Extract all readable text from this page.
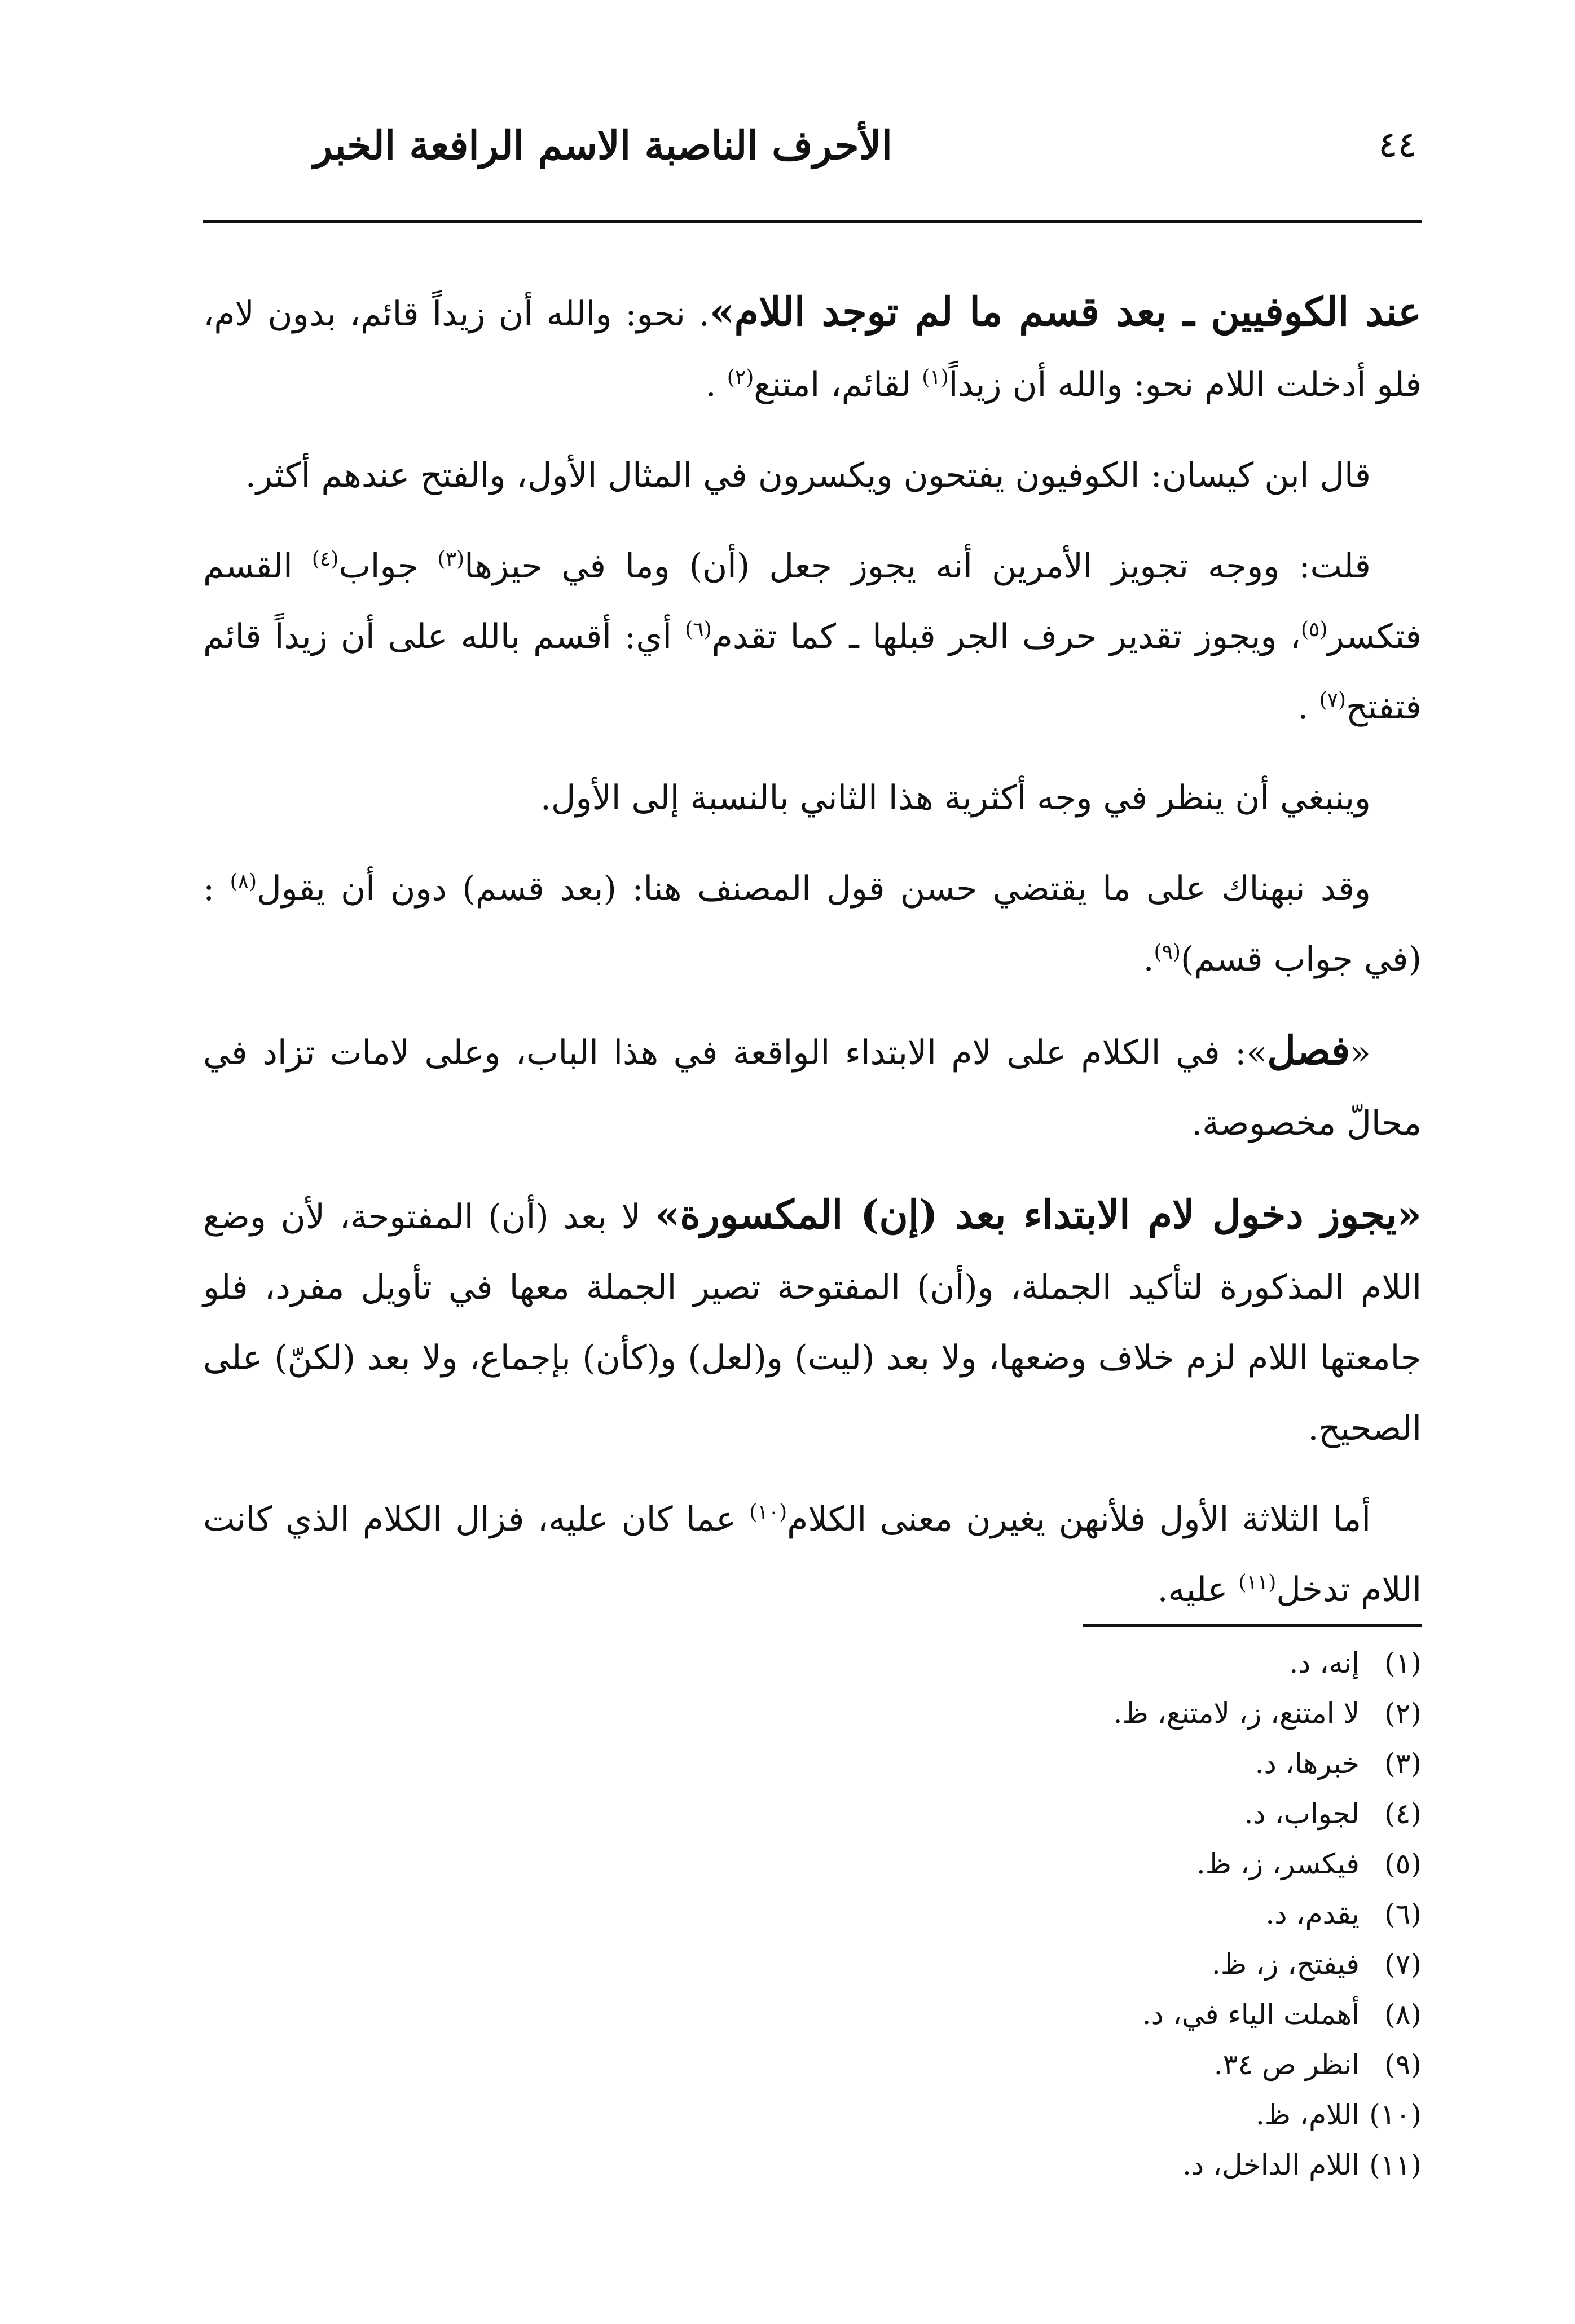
٤٤
الأحرف الناصبة الاسم الرافعة الخبر

عند الكوفيين ـ بعد قسم ما لم توجد اللام». نحو: والله أن زيداً قائم، بدون لام، فلو أدخلت اللام نحو: والله أن زيداً$^{(١)}$ لقائم، امتنع$^{(٢)}$ .

قال ابن كيسان: الكوفيون يفتحون ويكسرون في المثال الأول، والفتح عندهم أكثر.

قلت: ووجه تجويز الأمرين أنه يجوز جعل (أن) وما في حيزها$^{(٣)}$ جواب$^{(٤)}$ القسم فتكسر$^{(٥)}$، ويجوز تقدير حرف الجر قبلها ـ كما تقدم$^{(٦)}$ أي: أقسم بالله على أن زيداً قائم فتفتح$^{(٧)}$ .

وينبغي أن ينظر في وجه أكثرية هذا الثاني بالنسبة إلى الأول.

وقد نبهناك على ما يقتضي حسن قول المصنف هنا: (بعد قسم) دون أن يقول$^{(٨)}$ : (في جواب قسم)$^{(٩)}$.

«فصل»: في الكلام على لام الابتداء الواقعة في هذا الباب، وعلى لامات تزاد في محالّ مخصوصة.

«يجوز دخول لام الابتداء بعد (إن) المكسورة» لا بعد (أن) المفتوحة، لأن وضع اللام المذكورة لتأكيد الجملة، و(أن) المفتوحة تصير الجملة معها في تأويل مفرد، فلو جامعتها اللام لزم خلاف وضعها، ولا بعد (ليت) و(لعل) و(كأن) بإجماع، ولا بعد (لكنّ) على الصحيح.

أما الثلاثة الأول فلأنهن يغيرن معنى الكلام$^{(١٠)}$ عما كان عليه، فزال الكلام الذي كانت اللام تدخل$^{(١١)}$ عليه.

(١)إنه، د.
(٢)لا امتنع، ز، لامتنع، ظ.
(٣)خبرها، د.
(٤)لجواب، د.
(٥)فيكسر، ز، ظ.
(٦)يقدم، د.
(٧)فيفتح، ز، ظ.
(٨)أهملت الياء في، د.
(٩)انظر ص ٣٤.
(١٠)اللام، ظ.
(١١)اللام الداخل، د.
